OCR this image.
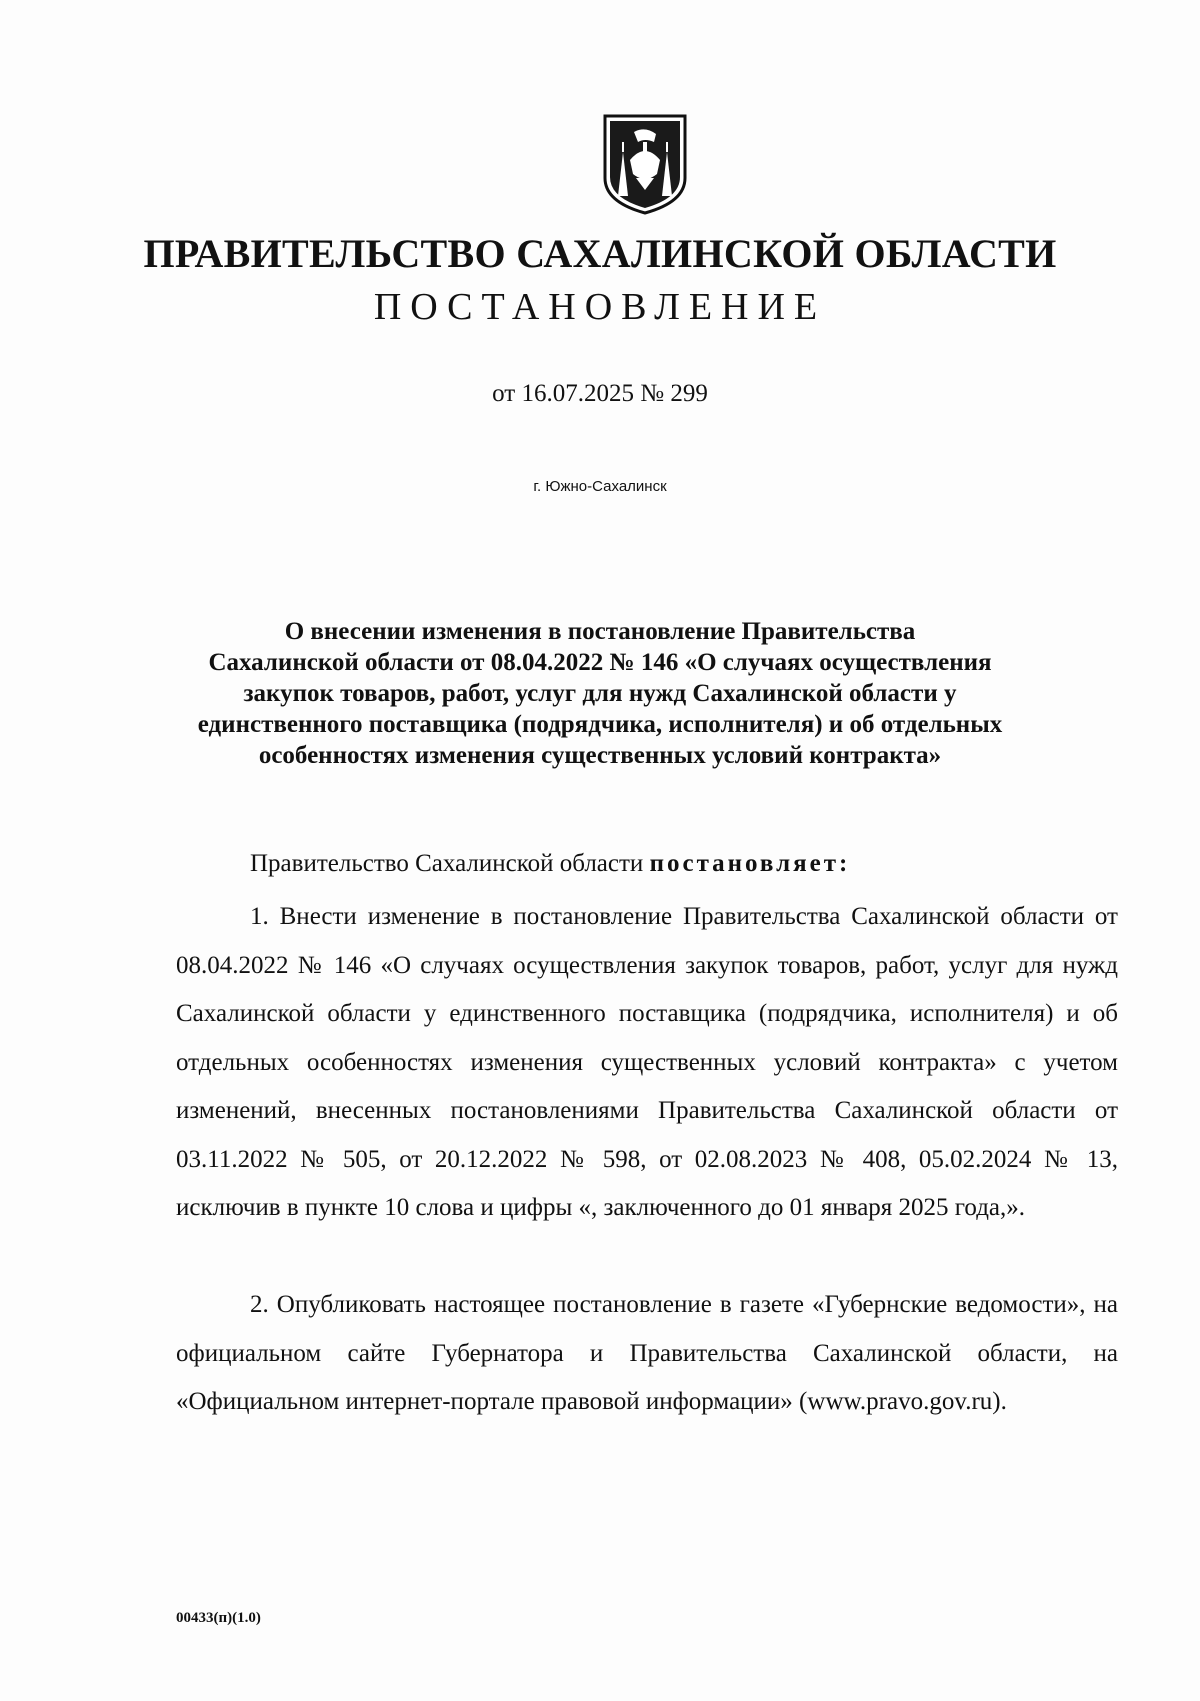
ПРАВИТЕЛЬСТВО САХАЛИНСКОЙ ОБЛАСТИ
ПОСТАНОВЛЕНИЕ
от 16.07.2025 № 299
г. Южно-Сахалинск
О внесении изменения в постановление Правительства
Сахалинской области от 08.04.2022 № 146 «О случаях осуществления
закупок товаров, работ, услуг для нужд Сахалинской области у
единственного поставщика (подрядчика, исполнителя) и об отдельных
особенностях изменения существенных условий контракта»
Правительство Сахалинской области постановляет:

1. Внести изменение в постановление Правительства Сахалинской области от 08.04.2022 № 146 «О случаях осуществления закупок товаров, работ, услуг для нужд Сахалинской области у единственного поставщика (подрядчика, исполнителя) и об отдельных особенностях изменения существенных условий контракта» с учетом изменений, внесенных постановлениями Правительства Сахалинской области от 03.11.2022 № 505, от 20.12.2022 № 598, от 02.08.2023 № 408, 05.02.2024 № 13, исключив в пункте 10 слова и цифры «, заключенного до 01 января 2025 года,».

2. Опубликовать настоящее постановление в газете «Губернские ведомости», на официальном сайте Губернатора и Правительства Сахалинской области, на «Официальном интернет-портале правовой информации» (www.pravo.gov.ru).

00433(п)(1.0)
